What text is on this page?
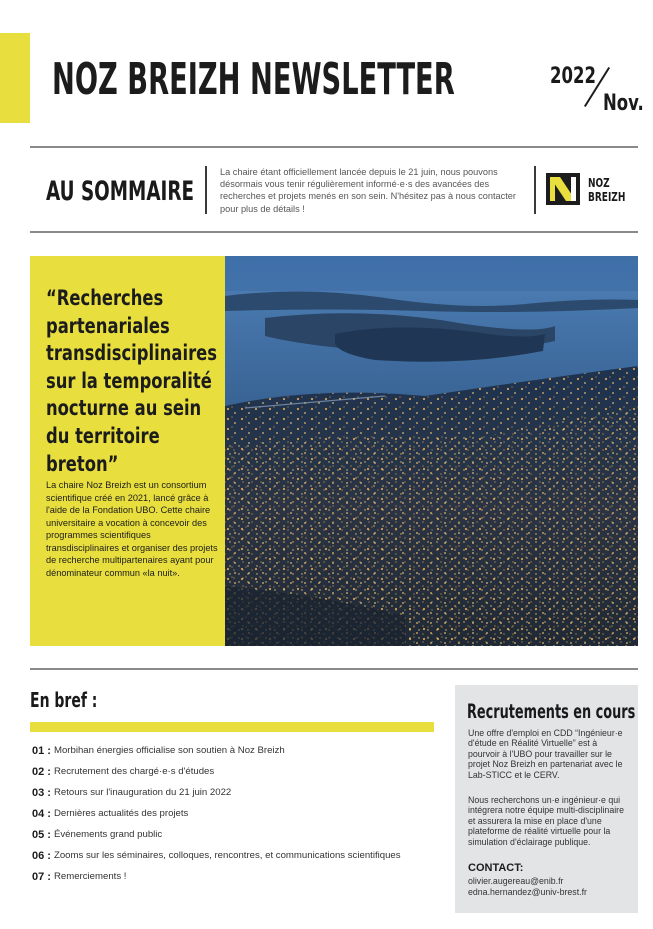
NOZ BREIZH NEWSLETTER	2022
Nov.
AU SOMMAIRE
La chaire étant officiellement lancée depuis le 21 juin, nous pouvons désormais vous tenir régulièrement informé·e·s des avancées des recherches et projets menés en son sein. N'hésitez pas à nous contacter pour plus de détails !
NOZ
BREIZH
“Recherches partenariales transdisciplinaires sur la temporalité nocturne au sein du territoire breton”
La chaire Noz Breizh est un consortium scientifique créé en 2021, lancé grâce à l'aide de la Fondation UBO. Cette chaire universitaire a vocation à concevoir des programmes scientifiques transdisciplinaires et organiser des projets de recherche multipartenaires ayant pour dénominateur commun «la nuit».
En bref :
01 : Morbihan énergies officialise son soutien à Noz Breizh
02 : Recrutement des chargé·e·s d'études
03 : Retours sur l'inauguration du 21 juin 2022
04 : Dernières actualités des projets
05 : Événements grand public
06 : Zooms sur les séminaires, colloques, rencontres, et communications scientifiques
07 : Remerciements !
Recrutements en cours
Une offre d'emploi en CDD “Ingénieur·e d'étude en Réalité Virtuelle” est à pourvoir à l'UBO pour travailler sur le projet Noz Breizh en partenariat avec le Lab-STICC et le CERV.
Nous recherchons un·e ingénieur·e qui intégrera notre équipe multi-disciplinaire et assurera la mise en place d'une plateforme de réalité virtuelle pour la simulation d'éclairage publique.
CONTACT:
olivier.augereau@enib.fr
edna.hernandez@univ-brest.fr
